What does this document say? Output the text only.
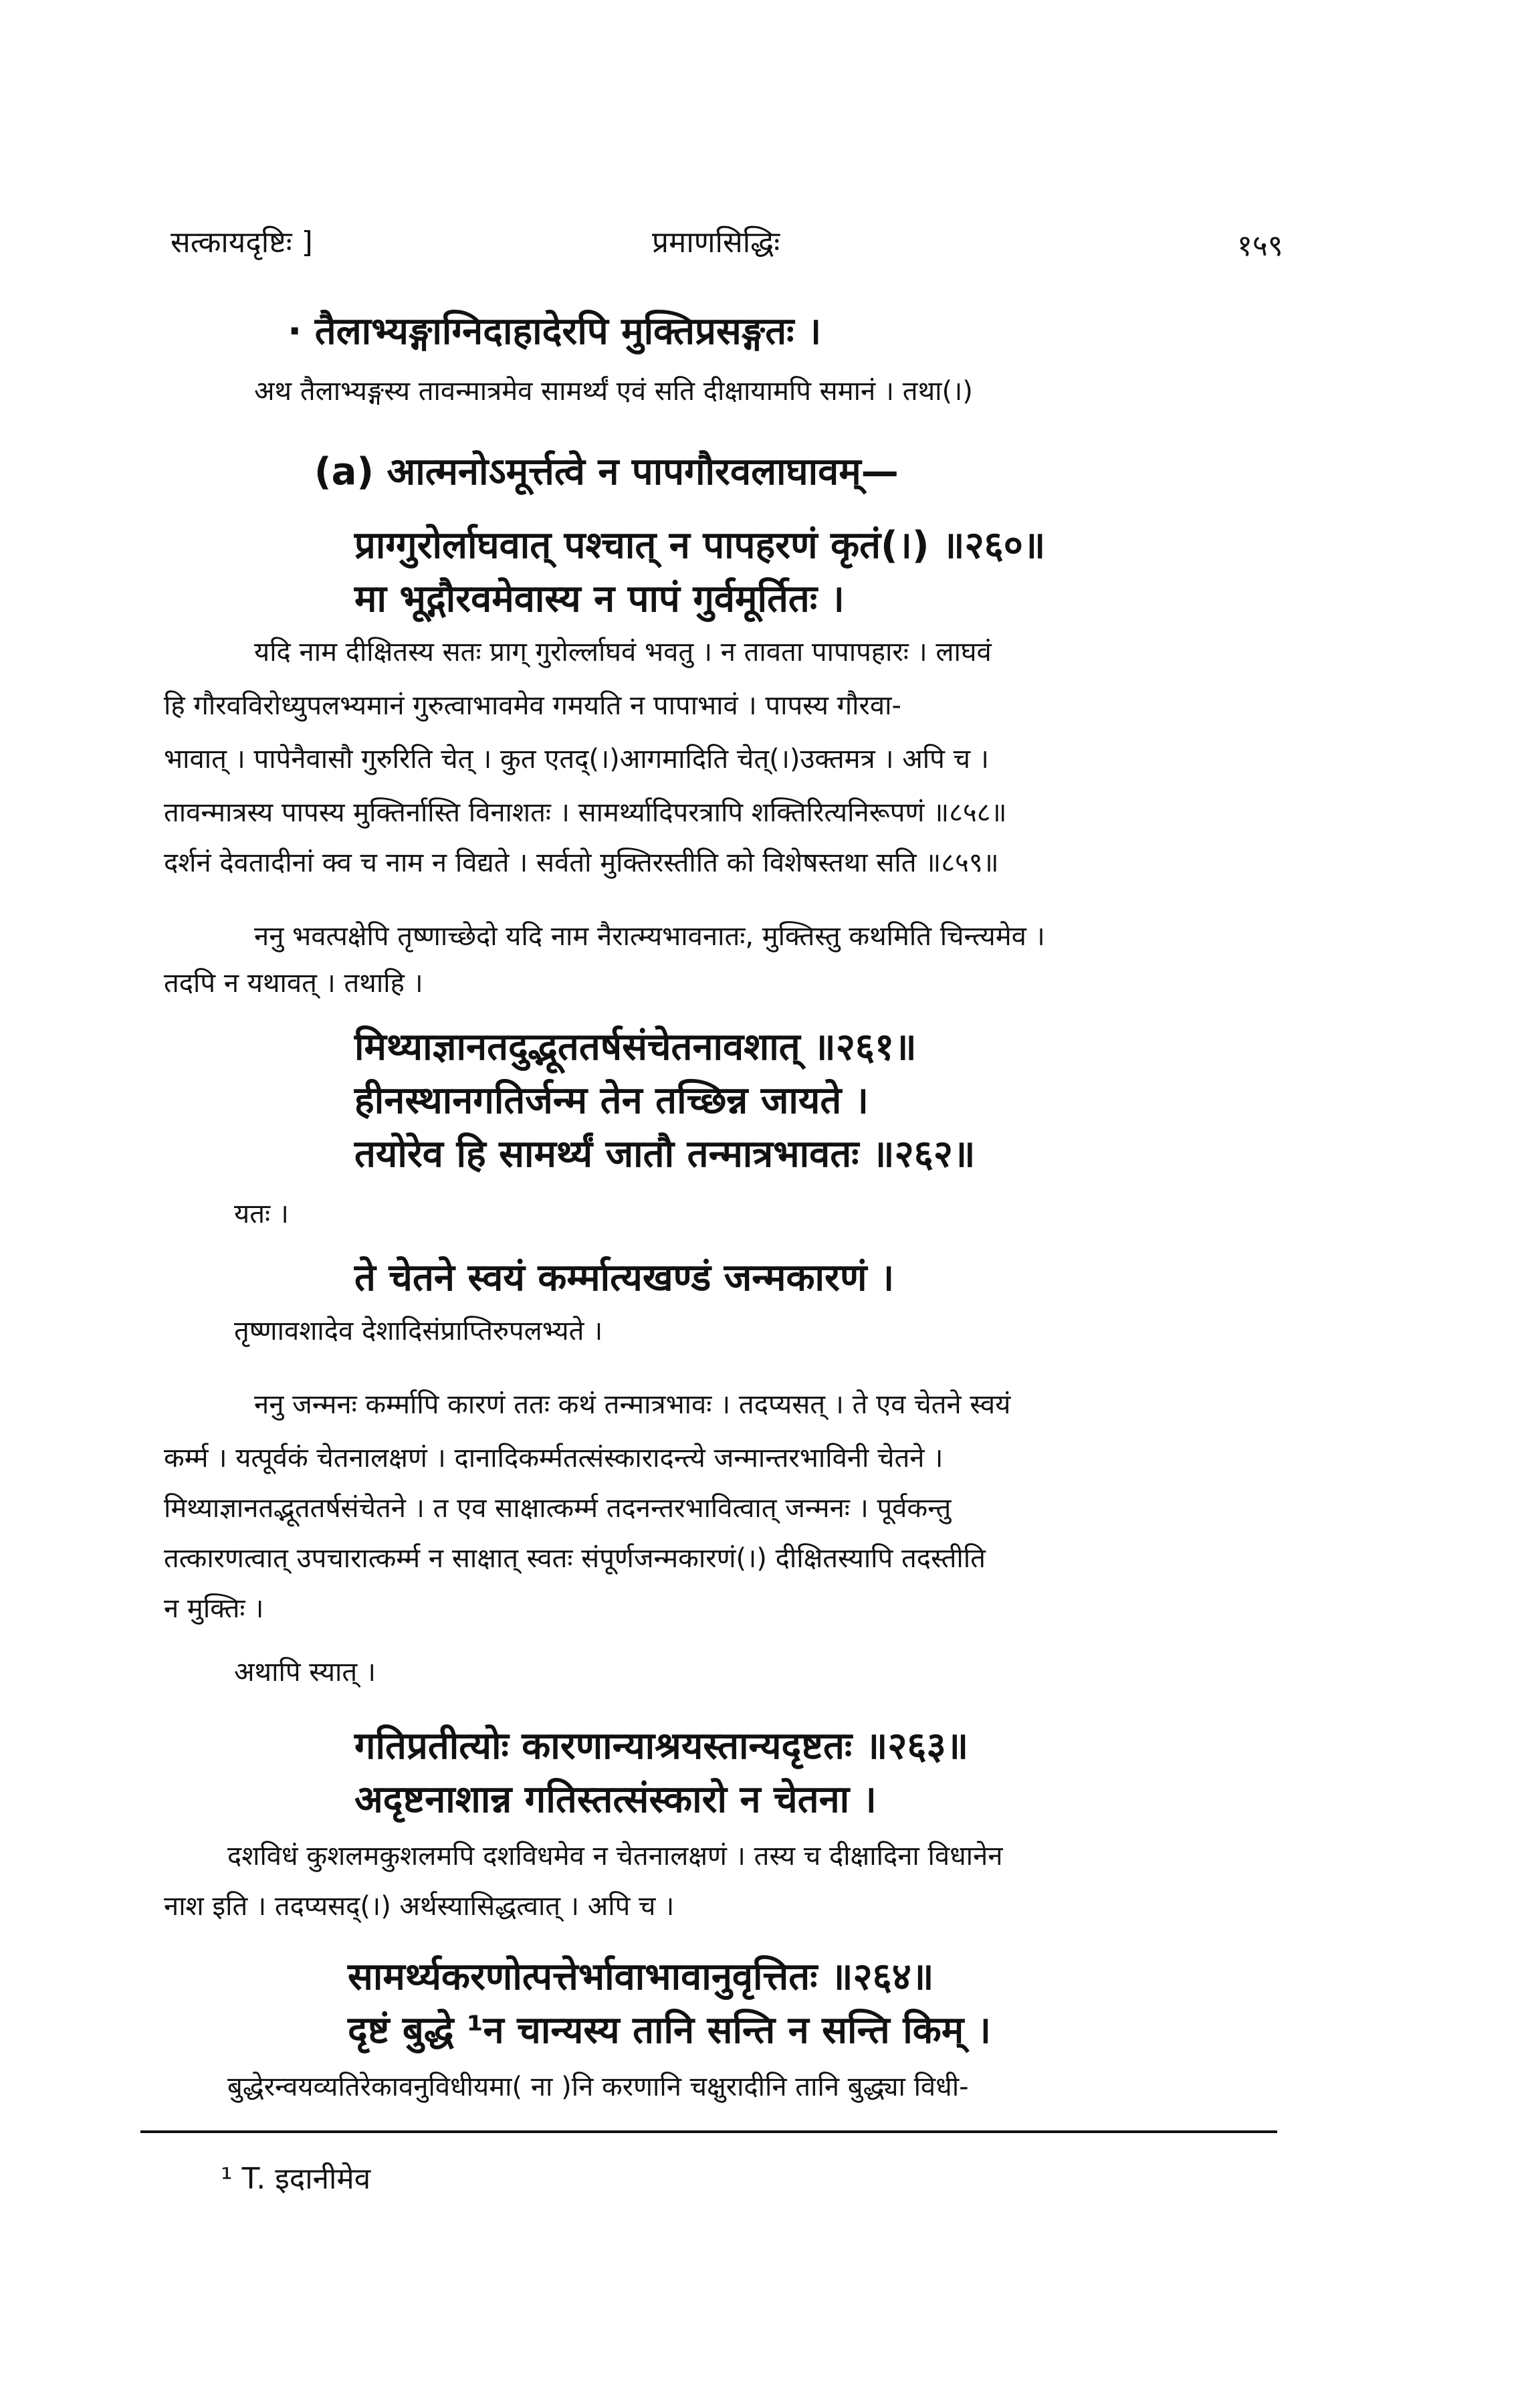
सत्कायदृष्टिः ]	प्रमाणसिद्धिः	१५९
· तैलाभ्यङ्गाग्निदाहादेरपि मुक्तिप्रसङ्गतः ।
अथ तैलाभ्यङ्गस्य तावन्मात्रमेव सामर्थ्यं एवं सति दीक्षायामपि समानं । तथा(।)
(a) आत्मनोऽमूर्त्तत्वे न पापगौरवलाघावम्—
प्राग्गुरोर्लाघवात् पश्चात् न पापहरणं कृतं(।) ॥२६०॥
मा भूद्गौरवमेवास्य न पापं गुर्वमूर्तितः ।
यदि नाम दीक्षितस्य सतः प्राग् गुरोर्ल्लाघवं भवतु । न तावता पापापहारः । लाघवं
हि गौरवविरोध्युपलभ्यमानं गुरुत्वाभावमेव गमयति न पापाभावं । पापस्य गौरवा-
भावात् । पापेनैवासौ गुरुरिति चेत् । कुत एतद्(।)आगमादिति चेत्(।)उक्तमत्र । अपि च ।
तावन्मात्रस्य पापस्य मुक्तिर्नास्ति विनाशतः । सामर्थ्यादिपरत्रापि शक्तिरित्यनिरूपणं ॥८५८॥
दर्शनं देवतादीनां क्व च नाम न विद्यते । सर्वतो मुक्तिरस्तीति को विशेषस्तथा सति ॥८५९॥
ननु भवत्पक्षेपि तृष्णाच्छेदो यदि नाम नैरात्म्यभावनातः, मुक्तिस्तु कथमिति चिन्त्यमेव ।
तदपि न यथावत् । तथाहि ।
मिथ्याज्ञानतदुद्भूततर्षसंचेतनावशात् ॥२६१॥
हीनस्थानगतिर्जन्म तेन तच्छिन्न जायते ।
तयोरेव हि सामर्थ्यं जातौ तन्मात्रभावतः ॥२६२॥
यतः ।
ते चेतने स्वयं कर्म्मात्यखण्डं जन्मकारणं ।
तृष्णावशादेव देशादिसंप्राप्तिरुपलभ्यते ।
ननु जन्मनः कर्म्मापि कारणं ततः कथं तन्मात्रभावः । तदप्यसत् । ते एव चेतने स्वयं
कर्म्म । यत्पूर्वकं चेतनालक्षणं । दानादिकर्म्मतत्संस्कारादन्त्ये जन्मान्तरभाविनी चेतने ।
मिथ्याज्ञानतद्भूततर्षसंचेतने । त एव साक्षात्कर्म्म तदनन्तरभावित्वात् जन्मनः । पूर्वकन्तु
तत्कारणत्वात् उपचारात्कर्म्म न साक्षात् स्वतः संपूर्णजन्मकारणं(।) दीक्षितस्यापि तदस्तीति
न मुक्तिः ।
अथापि स्यात् ।
गतिप्रतीत्योः कारणान्याश्रयस्तान्यदृष्टतः ॥२६३॥
अदृष्टनाशान्न गतिस्तत्संस्कारो न चेतना ।
दशविधं कुशलमकुशलमपि दशविधमेव न चेतनालक्षणं । तस्य च दीक्षादिना विधानेन
नाश इति । तदप्यसद्(।) अर्थस्यासिद्धत्वात् । अपि च ।
सामर्थ्यकरणोत्पत्तेर्भावाभावानुवृत्तितः ॥२६४॥
दृष्टं बुद्धे ¹न चान्यस्य तानि सन्ति न सन्ति किम् ।
बुद्धेरन्वयव्यतिरेकावनुविधीयमा( ना )नि करणानि चक्षुरादीनि तानि बुद्ध्या विधी-
¹ T. इदानीमेव
